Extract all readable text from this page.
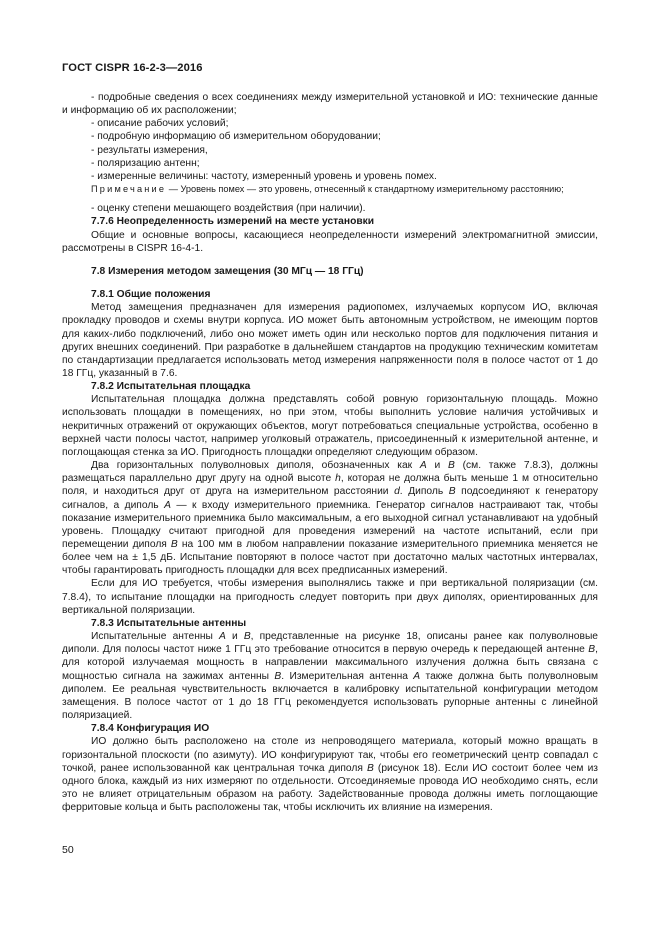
ГОСТ CISPR 16-2-3—2016

- подробные сведения о всех соединениях между измерительной установкой и ИО: технические данные и информацию об их расположении;

- описание рабочих условий;

- подробную информацию об измерительном оборудовании;

- результаты измерения,

- поляризацию антенн;

- измеренные величины: частоту, измеренный уровень и уровень помех.

Примечание — Уровень помех — это уровень, отнесенный к стандартному измерительному расстоянию;

- оценку степени мешающего воздействия (при наличии).

7.7.6 Неопределенность измерений на месте установки

Общие и основные вопросы, касающиеся неопределенности измерений электромагнитной эмиссии, рассмотрены в CISPR 16-4-1.

7.8 Измерения методом замещения (30 МГц — 18 ГГц)

7.8.1 Общие положения

Метод замещения предназначен для измерения радиопомех, излучаемых корпусом ИО, включая прокладку проводов и схемы внутри корпуса. ИО может быть автономным устройством, не имеющим портов для каких-либо подключений, либо оно может иметь один или несколько портов для подключения питания и других внешних соединений. При разработке в дальнейшем стандартов на продукцию техническим комитетам по стандартизации предлагается использовать метод измерения напряженности поля в полосе частот от 1 до 18 ГГц, указанный в 7.6.

7.8.2 Испытательная площадка

Испытательная площадка должна представлять собой ровную горизонтальную площадь. Можно использовать площадки в помещениях, но при этом, чтобы выполнить условие наличия устойчивых и некритичных отражений от окружающих объектов, могут потребоваться специальные устройства, особенно в верхней части полосы частот, например уголковый отражатель, присоединенный к измерительной антенне, и поглощающая стенка за ИО. Пригодность площадки определяют следующим образом.

Два горизонтальных полуволновых диполя, обозначенных как А и В (см. также 7.8.3), должны размещаться параллельно друг другу на одной высоте h, которая не должна быть меньше 1 м относительно поля, и находиться друг от друга на измерительном расстоянии d. Диполь В подсоединяют к генератору сигналов, а диполь А — к входу измерительного приемника. Генератор сигналов настраивают так, чтобы показание измерительного приемника было максимальным, а его выходной сигнал устанавливают на удобный уровень. Площадку считают пригодной для проведения измерений на частоте испытаний, если при перемещении диполя В на 100 мм в любом направлении показание измерительного приемника меняется не более чем на ± 1,5 дБ. Испытание повторяют в полосе частот при достаточно малых частотных интервалах, чтобы гарантировать пригодность площадки для всех предписанных измерений.

Если для ИО требуется, чтобы измерения выполнялись также и при вертикальной поляризации (см. 7.8.4), то испытание площадки на пригодность следует повторить при двух диполях, ориентированных для вертикальной поляризации.

7.8.3 Испытательные антенны

Испытательные антенны А и В, представленные на рисунке 18, описаны ранее как полуволновые диполи. Для полосы частот ниже 1 ГГц это требование относится в первую очередь к передающей антенне В, для которой излучаемая мощность в направлении максимального излучения должна быть связана с мощностью сигнала на зажимах антенны В. Измерительная антенна А также должна быть полуволновым диполем. Ее реальная чувствительность включается в калибровку испытательной конфигурации методом замещения. В полосе частот от 1 до 18 ГГц рекомендуется использовать рупорные антенны с линейной поляризацией.

7.8.4 Конфигурация ИО

ИО должно быть расположено на столе из непроводящего материала, который можно вращать в горизонтальной плоскости (по азимуту). ИО конфигурируют так, чтобы его геометрический центр совпадал с точкой, ранее использованной как центральная точка диполя В (рисунок 18). Если ИО состоит более чем из одного блока, каждый из них измеряют по отдельности. Отсоединяемые провода ИО необходимо снять, если это не влияет отрицательным образом на работу. Задействованные провода должны иметь поглощающие ферритовые кольца и быть расположены так, чтобы исключить их влияние на измерения.

50
